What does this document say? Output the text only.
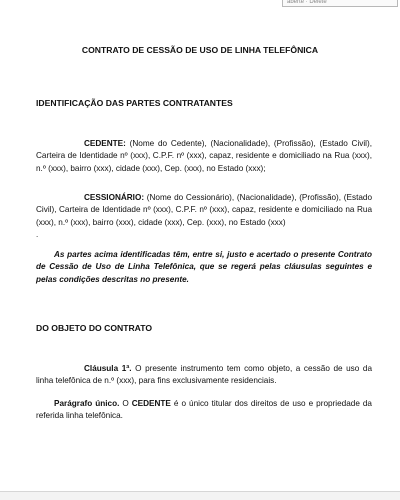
aberte · Delete
CONTRATO DE CESSÃO DE USO DE LINHA TELEFÔNICA
IDENTIFICAÇÃO DAS PARTES CONTRATANTES
CEDENTE: (Nome do Cedente), (Nacionalidade), (Profissão), (Estado Civil), Carteira de Identidade nº (xxx), C.P.F. nº (xxx), capaz, residente e domiciliado na Rua (xxx), n.º (xxx), bairro (xxx), cidade (xxx), Cep. (xxx), no Estado (xxx);
CESSIONÁRIO: (Nome do Cessionário), (Nacionalidade), (Profissão), (Estado Civil), Carteira de Identidade nº (xxx), C.P.F. nº (xxx), capaz, residente e domiciliado na Rua (xxx), n.º (xxx), bairro (xxx), cidade (xxx), Cep. (xxx), no Estado (xxx)
.
As partes acima identificadas têm, entre si, justo e acertado o presente Contrato de Cessão de Uso de Linha Telefônica, que se regerá pelas cláusulas seguintes e pelas condições descritas no presente.
DO OBJETO DO CONTRATO
Cláusula 1ª. O presente instrumento tem como objeto, a cessão de uso da linha telefônica de n.º (xxx), para fins exclusivamente residenciais.
Parágrafo único. O CEDENTE é o único titular dos direitos de uso e propriedade da referida linha telefônica.
